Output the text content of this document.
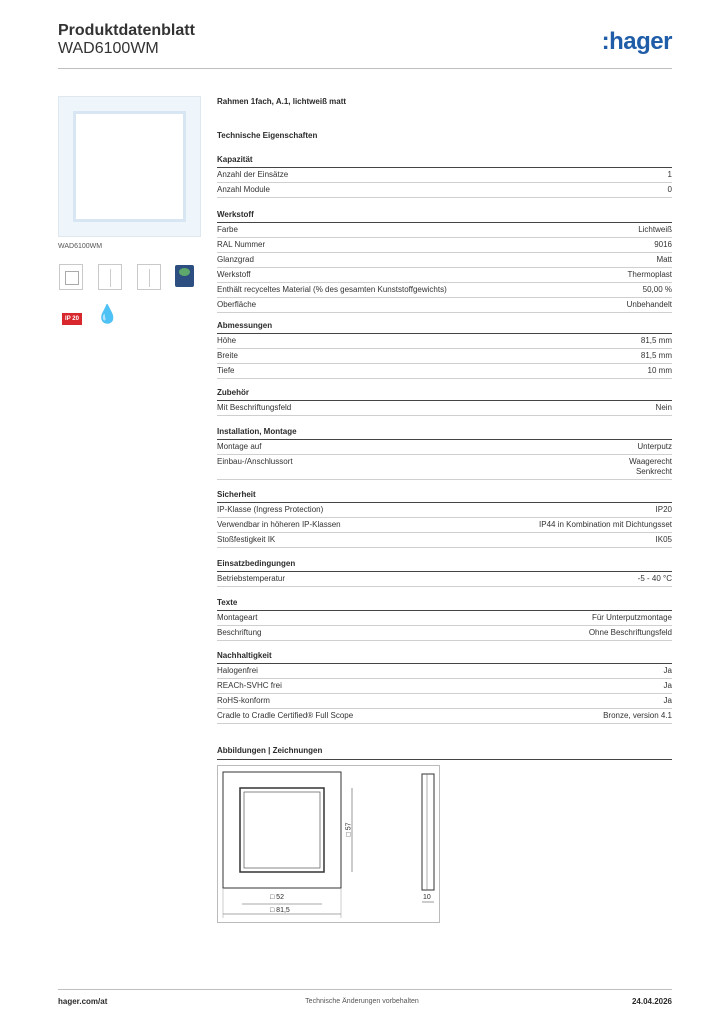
Produktdatenblatt
WAD6100WM	:hager
WAD6100WM
IP 20 💧
Rahmen 1fach, A.1, lichtweiß matt
Technische Eigenschaften
Kapazität
Anzahl der Einsätze	1
Anzahl Module	0
Werkstoff
Farbe	Lichtweiß
RAL Nummer	9016
Glanzgrad	Matt
Werkstoff	Thermoplast
Enthält recyceltes Material (% des gesamten Kunststoffgewichts)	50,00 %
Oberfläche	Unbehandelt
Abmessungen
Höhe	81,5 mm
Breite	81,5 mm
Tiefe	10 mm
Zubehör
Mit Beschriftungsfeld	Nein
Installation, Montage
Montage auf	Unterputz
Einbau-/Anschlussort	Waagerecht
Senkrecht
Sicherheit
IP-Klasse (Ingress Protection)	IP20
Verwendbar in höheren IP-Klassen	IP44 in Kombination mit Dichtungsset
Stoßfestigkeit IK	IK05
Einsatzbedingungen
Betriebstemperatur	-5 - 40 °C
Texte
Montageart	Für Unterputzmontage
Beschriftung	Ohne Beschriftungsfeld
Nachhaltigkeit
Halogenfrei	Ja
REACh-SVHC frei	Ja
RoHS-konform	Ja
Cradle to Cradle Certified® Full Scope	Bronze, version 4.1
Abbildungen | Zeichnungen
□ 52
□ 81,5
□ 57
10
hager.com/at	Technische Änderungen vorbehalten	24.04.2026
